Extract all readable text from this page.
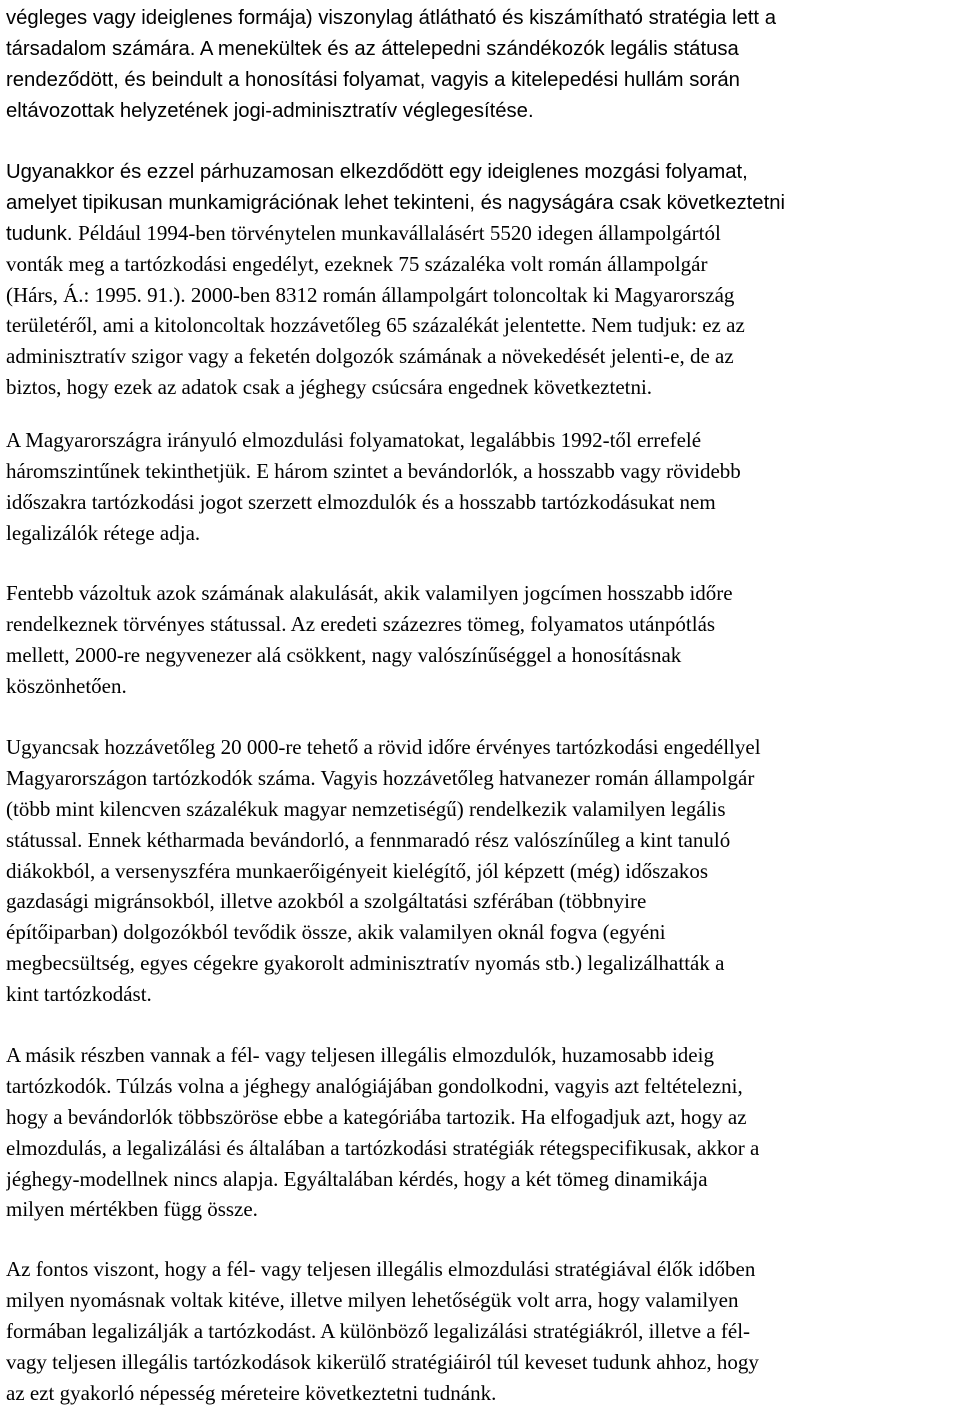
végleges vagy ideiglenes formája) viszonylag átlátható és kiszámítható stratégia lett a
társadalom számára. A menekültek és az áttelepedni szándékozók legális státusa
rendeződött, és beindult a honosítási folyamat, vagyis a kitelepedési hullám során
eltávozottak helyzetének jogi-adminisztratív véglegesítése.
Ugyanakkor és ezzel párhuzamosan elkezdődött egy ideiglenes mozgási folyamat,
amelyet tipikusan munkamigrációnak lehet tekinteni, és nagyságára csak következtetni
tudunk. Például 1994-ben törvénytelen munkavállalásért 5520 idegen állampolgártól
vonták meg a tartózkodási engedélyt, ezeknek 75 százaléka volt román állampolgár
(Hárs, Á.: 1995. 91.). 2000-ben 8312 román állampolgárt toloncoltak ki Magyarország
területéről, ami a kitoloncoltak hozzávetőleg 65 százalékát jelentette. Nem tudjuk: ez az
adminisztratív szigor vagy a feketén dolgozók számának a növekedését jelenti-e, de az
biztos, hogy ezek az adatok csak a jéghegy csúcsára engednek következtetni.
A Magyarországra irányuló elmozdulási folyamatokat, legalábbis 1992-től errefelé
háromszintűnek tekinthetjük. E három szintet a bevándorlók, a hosszabb vagy rövidebb
időszakra tartózkodási jogot szerzett elmozdulók és a hosszabb tartózkodásukat nem
legalizálók rétege adja.
Fentebb vázoltuk azok számának alakulását, akik valamilyen jogcímen hosszabb időre
rendelkeznek törvényes státussal. Az eredeti százezres tömeg, folyamatos utánpótlás
mellett, 2000-re negyvenezer alá csökkent, nagy valószínűséggel a honosításnak
köszönhetően.
Ugyancsak hozzávetőleg 20 000-re tehető a rövid időre érvényes tartózkodási engedéllyel
Magyarországon tartózkodók száma. Vagyis hozzávetőleg hatvanezer román állampolgár
(több mint kilencven százalékuk magyar nemzetiségű) rendelkezik valamilyen legális
státussal. Ennek kétharmada bevándorló, a fennmaradó rész valószínűleg a kint tanuló
diákokból, a versenyszféra munkaerőigényeit kielégítő, jól képzett (még) időszakos
gazdasági migránsokból, illetve azokból a szolgáltatási szférában (többnyire
építőiparban) dolgozókból tevődik össze, akik valamilyen oknál fogva (egyéni
megbecsültség, egyes cégekre gyakorolt adminisztratív nyomás stb.) legalizálhatták a
kint tartózkodást.
A másik részben vannak a fél- vagy teljesen illegális elmozdulók, huzamosabb ideig
tartózkodók. Túlzás volna a jéghegy analógiájában gondolkodni, vagyis azt feltételezni,
hogy a bevándorlók többszöröse ebbe a kategóriába tartozik. Ha elfogadjuk azt, hogy az
elmozdulás, a legalizálási és általában a tartózkodási stratégiák rétegspecifikusak, akkor a
jéghegy-modellnek nincs alapja. Egyáltalában kérdés, hogy a két tömeg dinamikája
milyen mértékben függ össze.
Az fontos viszont, hogy a fél- vagy teljesen illegális elmozdulási stratégiával élők időben
milyen nyomásnak voltak kitéve, illetve milyen lehetőségük volt arra, hogy valamilyen
formában legalizálják a tartózkodást. A különböző legalizálási stratégiákról, illetve a fél-
vagy teljesen illegális tartózkodások kikerülő stratégiáiról túl keveset tudunk ahhoz, hogy
az ezt gyakorló népesség méreteire következtetni tudnánk.
